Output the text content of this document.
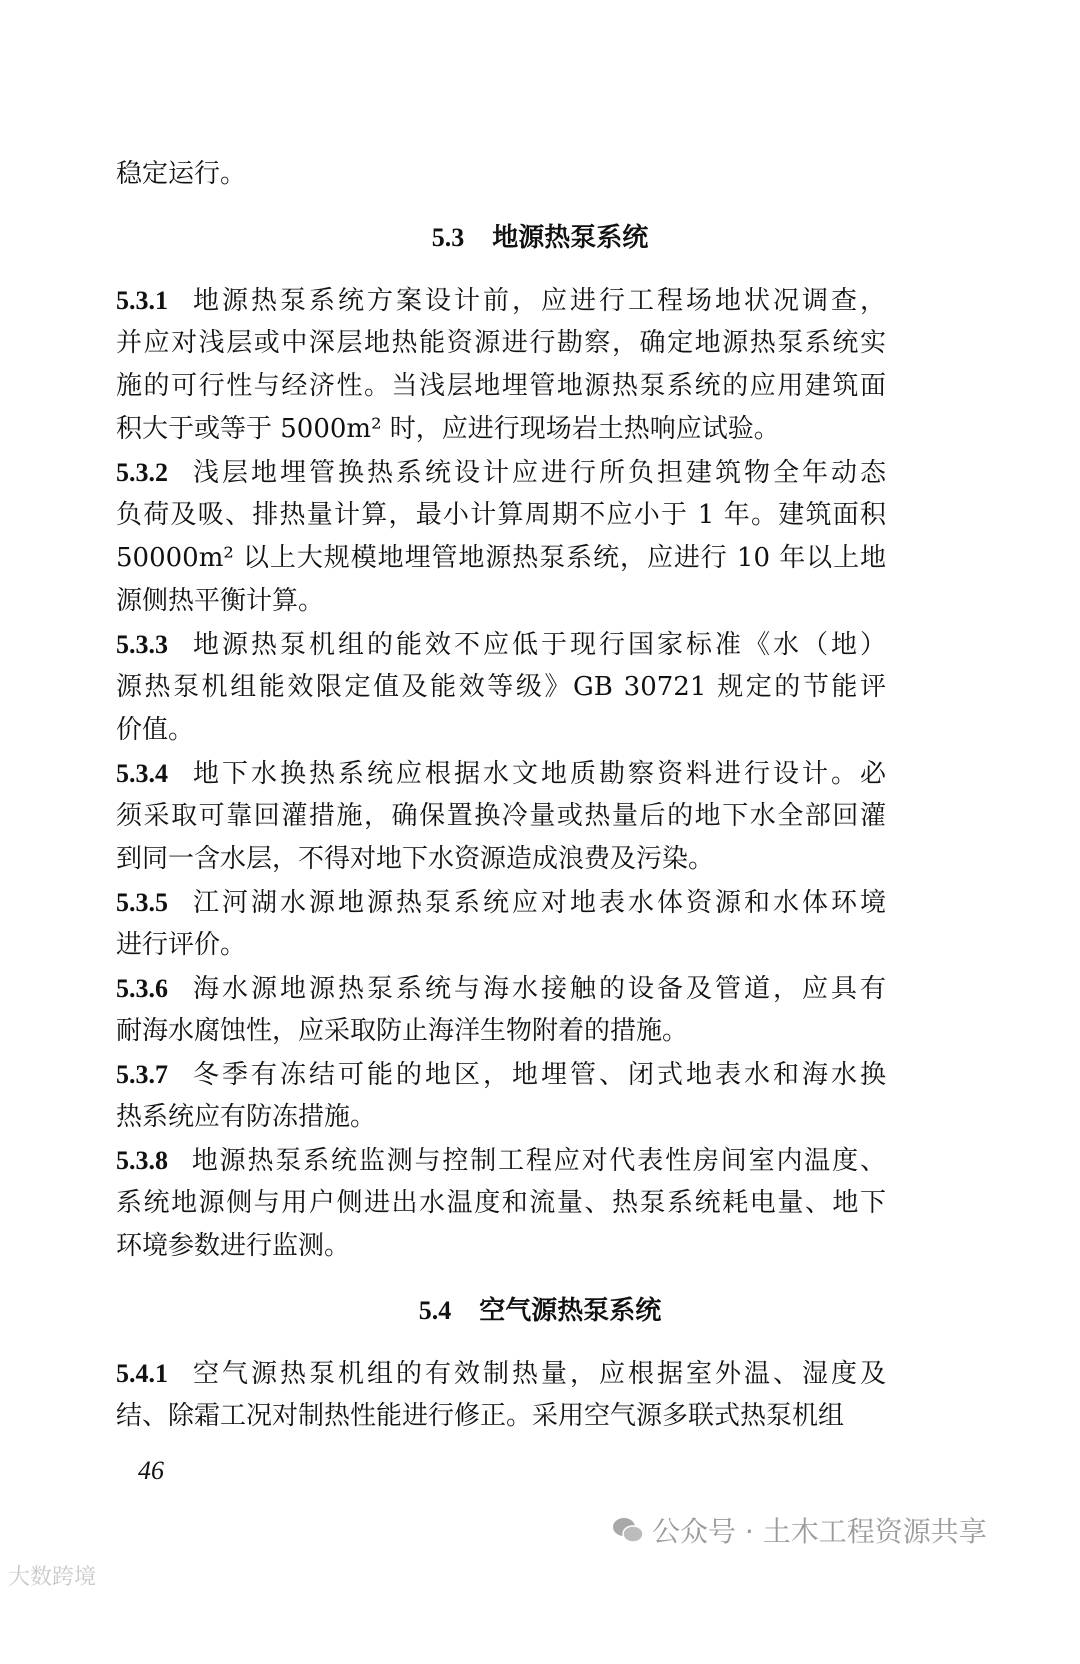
稳定运行。
5.3 地源热泵系统
5.3.1 地源热泵系统方案设计前，应进行工程场地状况调查，
并应对浅层或中深层地热能资源进行勘察，确定地源热泵系统实
施的可行性与经济性。当浅层地埋管地源热泵系统的应用建筑面
积大于或等于 5000m² 时，应进行现场岩土热响应试验。
5.3.2 浅层地埋管换热系统设计应进行所负担建筑物全年动态
负荷及吸、排热量计算，最小计算周期不应小于 1 年。建筑面积
50000m² 以上大规模地埋管地源热泵系统，应进行 10 年以上地
源侧热平衡计算。
5.3.3 地源热泵机组的能效不应低于现行国家标准《水（地）
源热泵机组能效限定值及能效等级》GB 30721 规定的节能评
价值。
5.3.4 地下水换热系统应根据水文地质勘察资料进行设计。必
须采取可靠回灌措施，确保置换冷量或热量后的地下水全部回灌
到同一含水层，不得对地下水资源造成浪费及污染。
5.3.5 江河湖水源地源热泵系统应对地表水体资源和水体环境
进行评价。
5.3.6 海水源地源热泵系统与海水接触的设备及管道，应具有
耐海水腐蚀性，应采取防止海洋生物附着的措施。
5.3.7 冬季有冻结可能的地区，地埋管、闭式地表水和海水换
热系统应有防冻措施。
5.3.8 地源热泵系统监测与控制工程应对代表性房间室内温度、
系统地源侧与用户侧进出水温度和流量、热泵系统耗电量、地下
环境参数进行监测。
5.4 空气源热泵系统
5.4.1 空气源热泵机组的有效制热量，应根据室外温、湿度及
结、除霜工况对制热性能进行修正。采用空气源多联式热泵机组
46
公众号 · 土木工程资源共享
大数跨境
